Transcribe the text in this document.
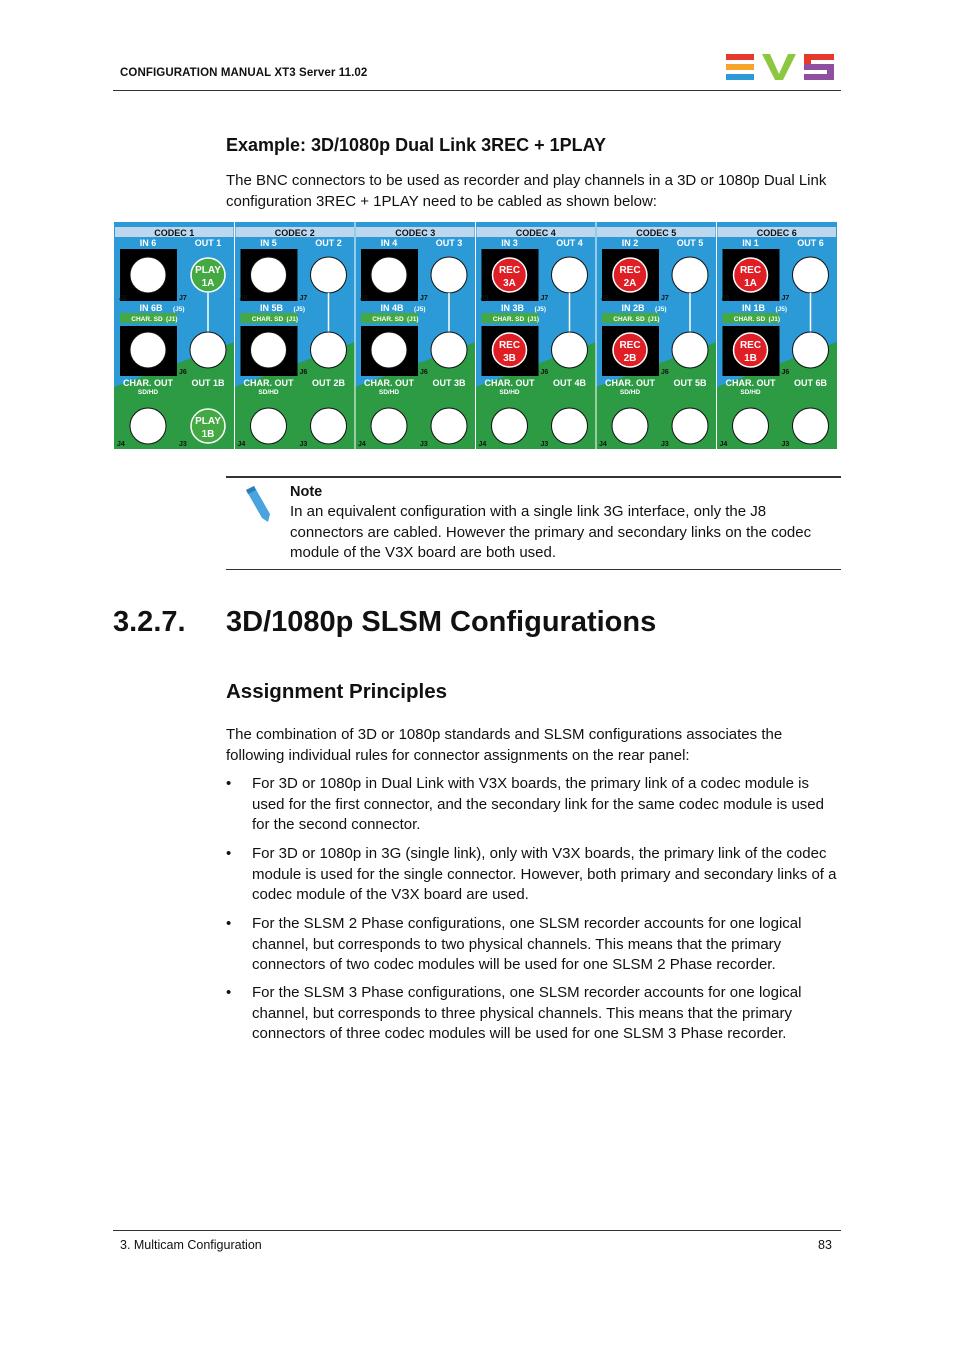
CONFIGURATION MANUAL XT3 Server 11.02
Example: 3D/1080p Dual Link 3REC + 1PLAY
The BNC connectors to be used as recorder and play channels in a 3D or 1080p Dual Link configuration 3REC + 1PLAY need to be cabled as shown below:
CODEC 1
IN 6	OUT 1
PLAY
1A
J8	J7
IN 6B (J5)
CHAR. SD (J1)
J6
CHAR. OUT
SD/HD
OUT 1B
PLAY
1B
J4	J3
CODEC 2
IN 5	OUT 2
J8	J7
IN 5B (J5)
CHAR. SD (J1)
J6
CHAR. OUT
SD/HD
OUT 2B
J4	J3
CODEC 3
IN 4	OUT 3
J8	J7
IN 4B (J5)
CHAR. SD (J1)
J6
CHAR. OUT
SD/HD
OUT 3B
J4	J3
CODEC 4
IN 3	OUT 4
REC
3A
J8	J7
IN 3B (J5)
CHAR. SD (J1)
REC
3B
J6
CHAR. OUT
SD/HD
OUT 4B
J4	J3
CODEC 5
IN 2	OUT 5
REC
2A
J8	J7
IN 2B (J5)
CHAR. SD (J1)
REC
2B
J6
CHAR. OUT
SD/HD
OUT 5B
J4	J3
CODEC 6
IN 1	OUT 6
REC
1A
J8	J7
IN 1B (J5)
CHAR. SD (J1)
REC
1B
J6
CHAR. OUT
SD/HD
OUT 6B
J4	J3
Note
In an equivalent configuration with a single link 3G interface, only the J8 connectors are cabled. However the primary and secondary links on the codec module of the V3X board are both used.
3.2.7. 3D/1080p SLSM Configurations
Assignment Principles
The combination of 3D or 1080p standards and SLSM configurations associates the following individual rules for connector assignments on the rear panel:
•	For 3D or 1080p in Dual Link with V3X boards, the primary link of a codec module is used for the first connector, and the secondary link for the same codec module is used for the second connector.
•	For 3D or 1080p in 3G (single link), only with V3X boards, the primary link of the codec module is used for the single connector. However, both primary and secondary links of a codec module of the V3X board are used.
•	For the SLSM 2 Phase configurations, one SLSM recorder accounts for one logical channel, but corresponds to two physical channels. This means that the primary connectors of two codec modules will be used for one SLSM 2 Phase recorder.
•	For the SLSM 3 Phase configurations, one SLSM recorder accounts for one logical channel, but corresponds to three physical channels. This means that the primary connectors of three codec modules will be used for one SLSM 3 Phase recorder.
3. Multicam Configuration	83
